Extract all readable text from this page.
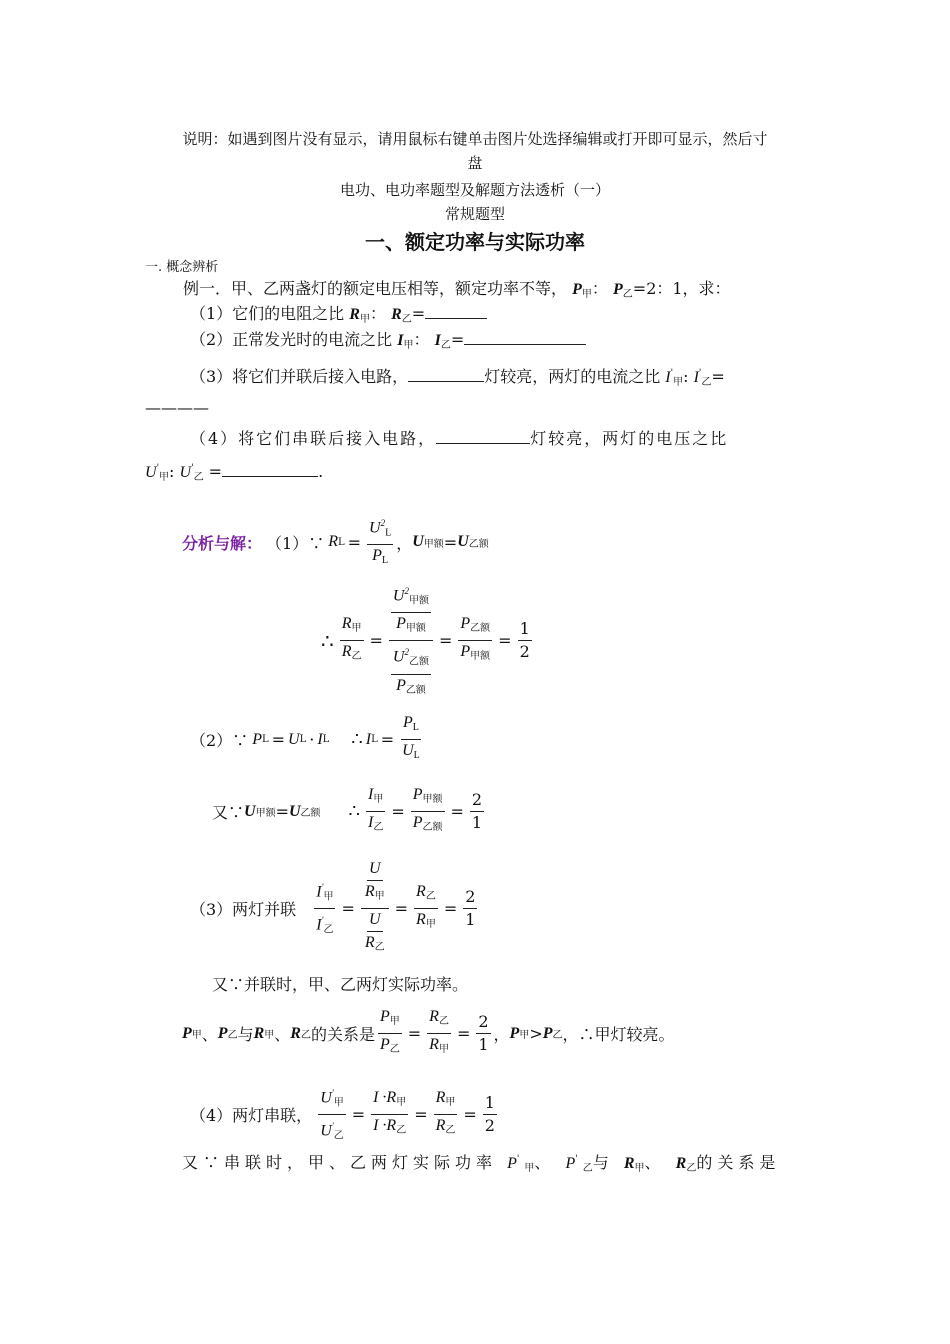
说明：如遇到图片没有显示，请用鼠标右键单击图片处选择编辑或打开即可显示，然后寸
盘
电功、电功率题型及解题方法透析（一）
常规题型
一、额定功率与实际功率
一. 概念辨析
例一．甲、乙两盏灯的额定电压相等，额定功率不等， $P_甲$： $P_乙=2$：1，求：
（1）它们的电阻之比 $R_甲$： $R_乙=$
（2）正常发光时的电流之比 $I_甲$： $I_乙=$
（3）将它们并联后接入电路，	灯较亮，两灯的电流之比 $I'_甲$: $I'_乙=$
————
（4）将它们串联后接入电路，	灯较亮，两灯的电压之比
$U'_甲$: $U'_乙$ =	.
分析与解： （1）∵ R $L = \frac{U^2_L}{P_L}$ ， U 甲额 = U 乙额
∴ $\frac{R_甲}{R_乙} = \frac{\frac{U^2_{甲额}}{P_{甲额}}}{\frac{U^2_{乙额}}{P_{乙额}}} = \frac{P_{乙额}}{P_{甲额}} = \frac{1}{2}$
（2）∵ P L = U L · I L ∴ I $L = \frac{P_L}{U_L}$
又∵ U 甲额 = U 乙额 ∴ $\frac{I_甲}{I_乙} = \frac{P_{甲额}}{P_{乙额}} = \frac{2}{1}$
（3）两灯并联 $\frac{I'_甲}{I'_乙} = \frac{\frac{U}{R_甲}}{\frac{U}{R_乙}} = \frac{R_乙}{R_甲} = \frac{2}{1}$
又∵并联时，甲、乙两灯实际功率。
P 甲 、 P 乙 与 R 甲 、 R 乙 的关系是 $\frac{P_甲}{P_乙} = \frac{R_乙}{R_甲} = \frac{2}{1}$ ， P 甲 > P 乙 ，∴甲灯较亮。
（4）两灯串联， $\frac{U'_甲}{U'_乙} = \frac{I \cdot R_甲}{I \cdot R_乙} = \frac{R_甲}{R_乙} = \frac{1}{2}$
又∵串联时，甲、乙两灯实际功率 $P'_甲$、 $P'_乙$与 $R_甲$、 $R_乙$的关系是
